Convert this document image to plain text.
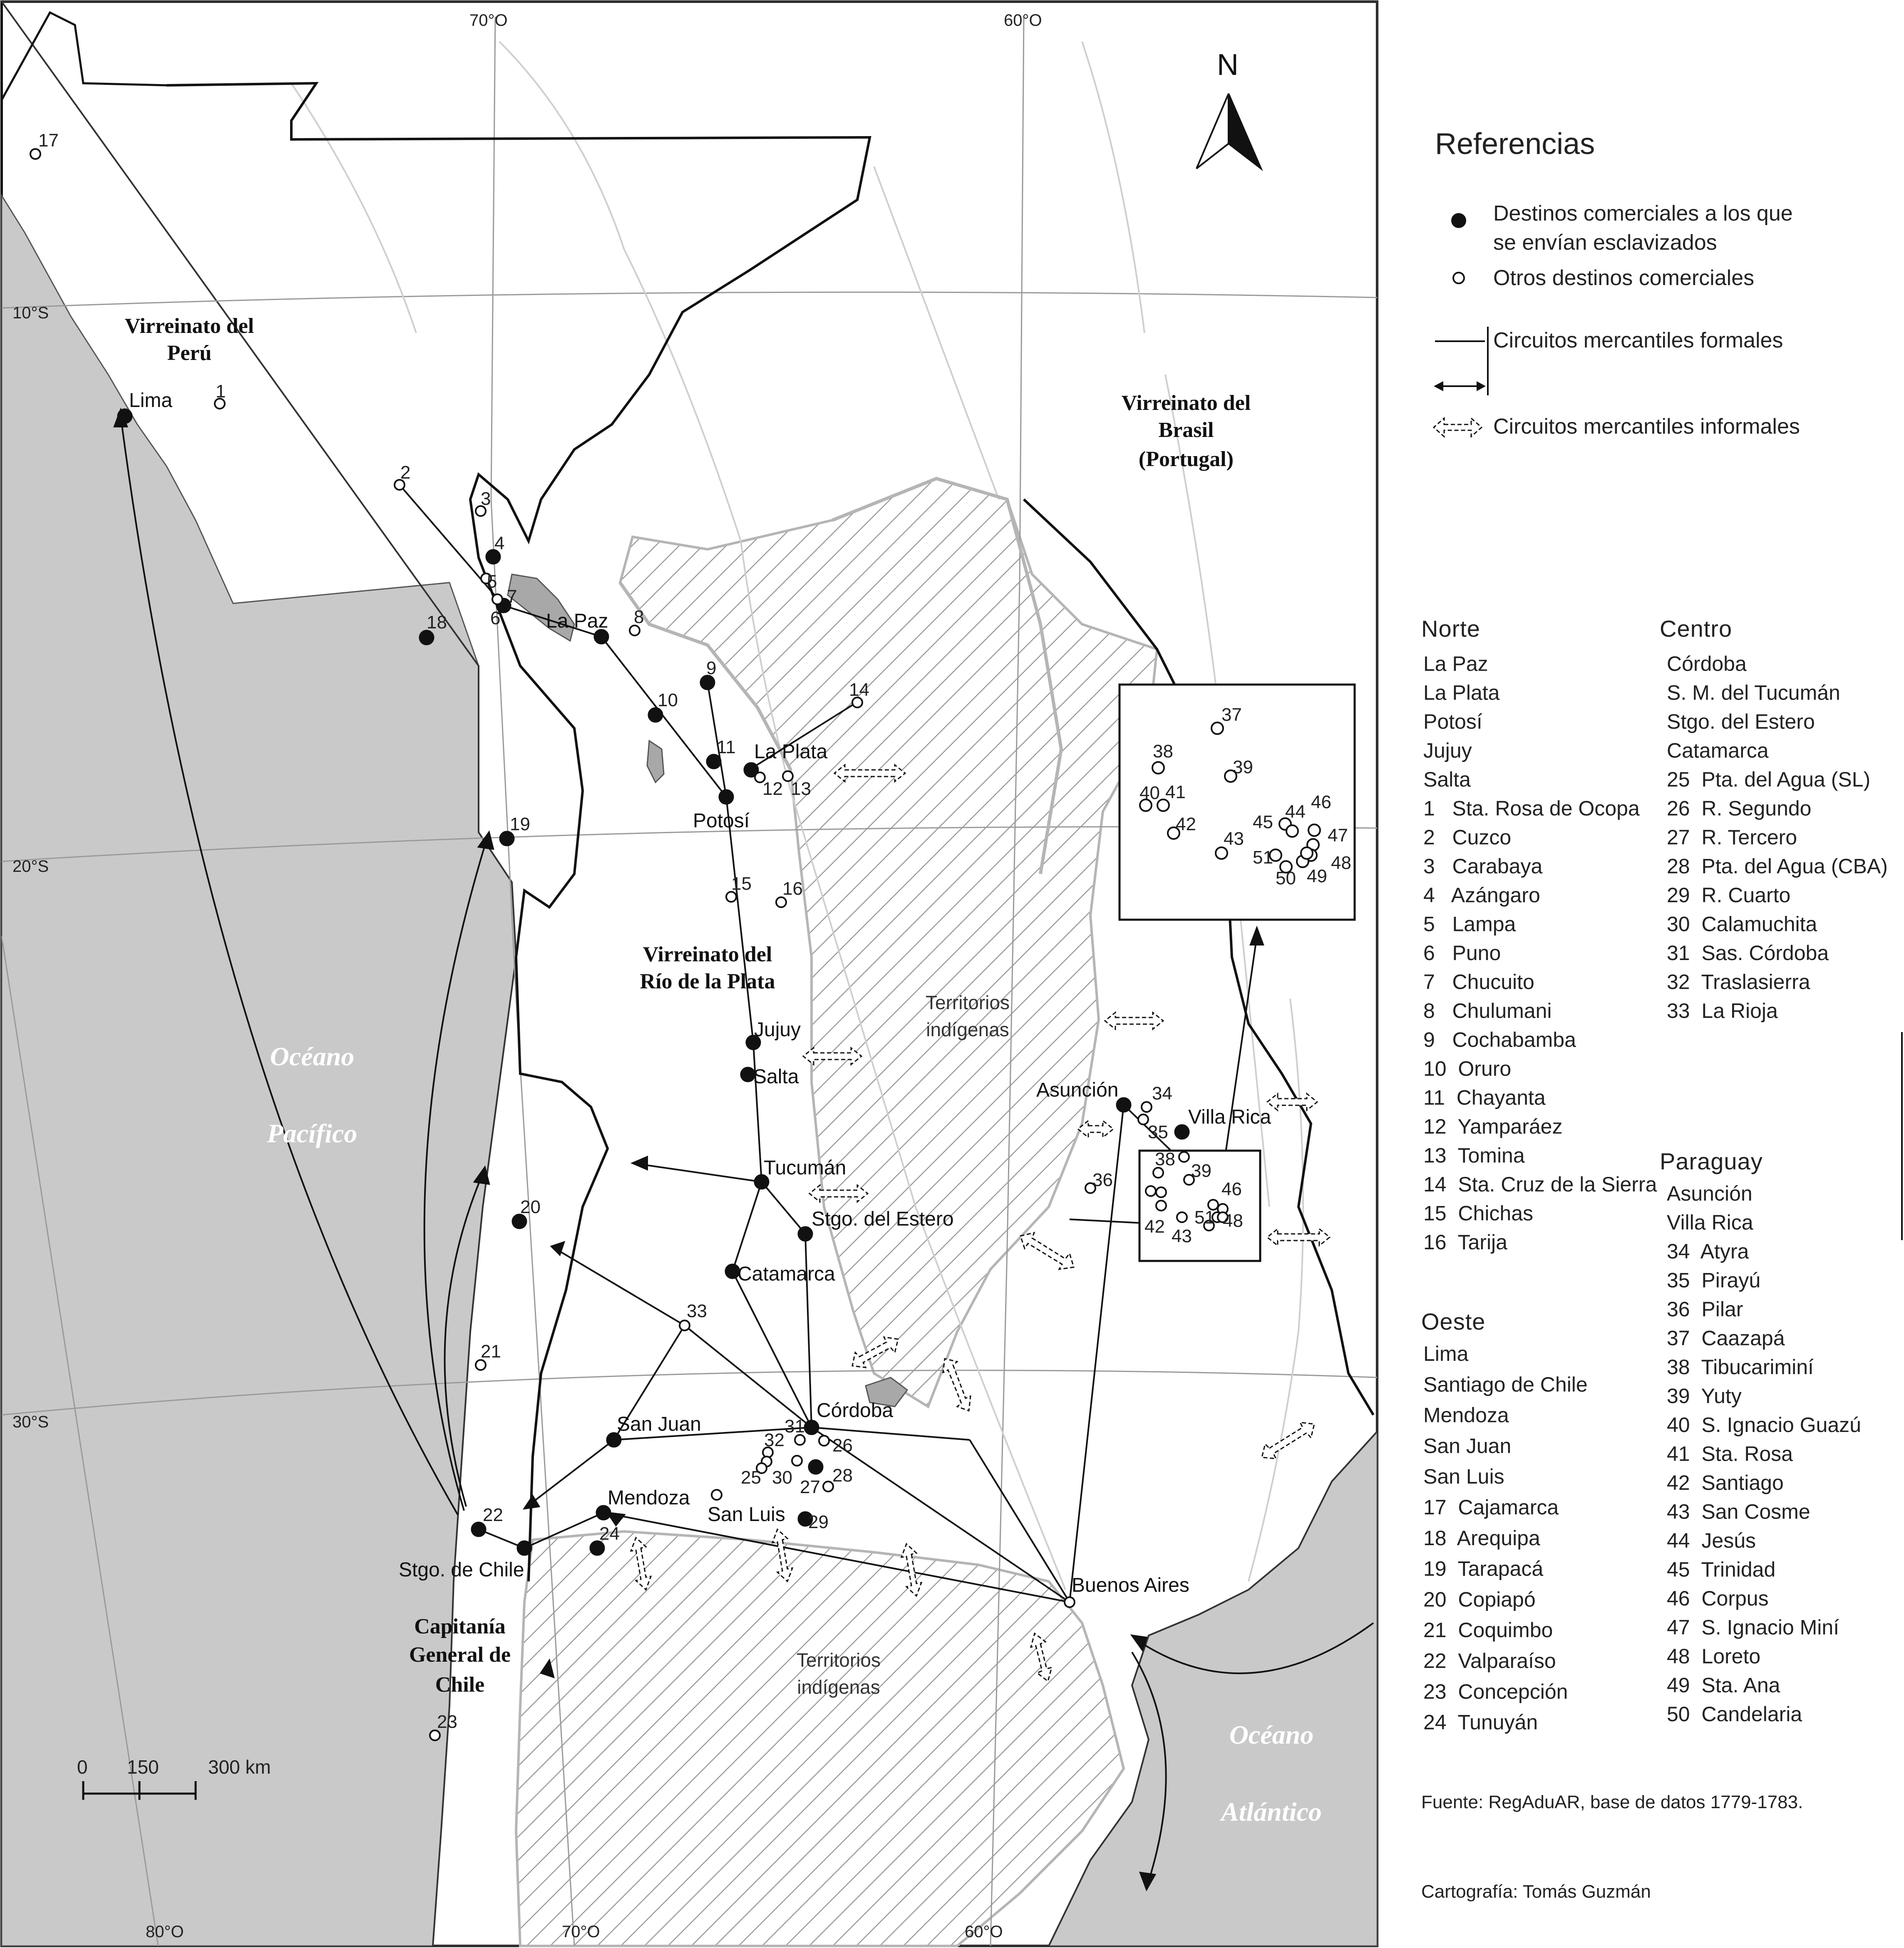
17
1
2
3
4
5
6
7
8
18
9
10
11
14
12 13
19
15 16
20
33
21
31
32
25 30
26
28
27
29
22
24
23
34
35
36
38
39
46
48
51
42 43
37
38
39
40 41
42
43
44
45
46
47
48
49
50
51
Lima
La Paz
La Plata
Potosí
Jujuy
Salta
Tucumán
Stgo. del Estero
Catamarca
Córdoba
San Juan
Mendoza
San Luis
Stgo. de Chile
Buenos Aires
Asunción
Villa Rica
Virreinato del
Perú
Virreinato del
Brasil
(Portugal)
Virreinato del
Río de la Plata
Capitanía
General de
Chile
Océano
Pacífico
Océano
Atlántico
Territorios
indígenas
Territorios
indígenas
70°O	60°O
10°S
20°S
30°S
80°O	70°O	60°O
N
0 150	300 km
Referencias
Destinos comerciales a los que
se envían esclavizados
Otros destinos comerciales
Circuitos mercantiles formales
Circuitos mercantiles informales
Norte
La Paz
La Plata
Potosí
Jujuy
Salta
1   Sta. Rosa de Ocopa
2   Cuzco
3   Carabaya
4   Azángaro
5   Lampa
6   Puno
7   Chucuito
8   Chulumani
9   Cochabamba
10  Oruro
11  Chayanta
12  Yamparáez
13  Tomina
14  Sta. Cruz de la Sierra
15  Chichas
16  Tarija
Oeste
Lima
Santiago de Chile
Mendoza
San Juan
San Luis
17  Cajamarca
18  Arequipa
19  Tarapacá
20  Copiapó
21  Coquimbo
22  Valparaíso
23  Concepción
24  Tunuyán
Centro
Córdoba
S. M. del Tucumán
Stgo. del Estero
Catamarca
25  Pta. del Agua (SL)
26  R. Segundo
27  R. Tercero
28  Pta. del Agua (CBA)
29  R. Cuarto
30  Calamuchita
31  Sas. Córdoba
32  Traslasierra
33  La Rioja
Paraguay
Asunción
Villa Rica
34  Atyra
35  Pirayú
36  Pilar
37  Caazapá
38  Tibucariminí
39  Yuty
40  S. Ignacio Guazú
41  Sta. Rosa
42  Santiago
43  San Cosme
44  Jesús
45  Trinidad
46  Corpus
47  S. Ignacio Miní
48  Loreto
49  Sta. Ana
50  Candelaria
Fuente: RegAduAR, base de datos 1779-1783.
Cartografía: Tomás Guzmán
